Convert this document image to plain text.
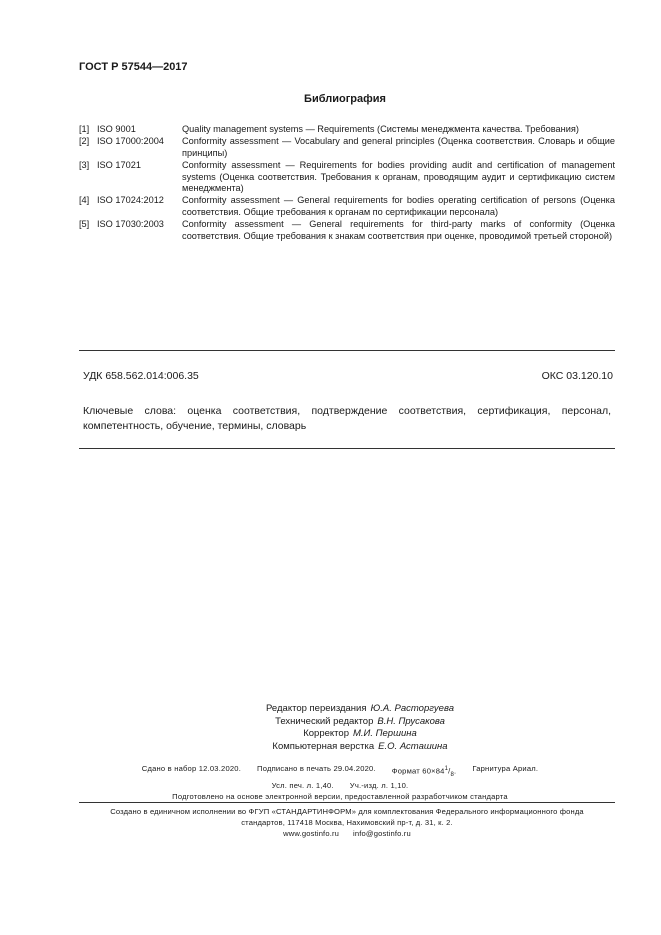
ГОСТ Р 57544—2017
Библиография
[1] ISO 9001	Quality management systems — Requirements (Системы менеджмента качества. Требования)
[2] ISO 17000:2004 Conformity assessment — Vocabulary and general principles (Оценка соответствия. Словарь и общие принципы)
[3] ISO 17021	Conformity assessment — Requirements for bodies providing audit and certification of management systems (Оценка соответствия. Требования к органам, проводящим аудит и сертификацию систем менеджмента)
[4] ISO 17024:2012 Conformity assessment — General requirements for bodies operating certification of persons (Оценка соответствия. Общие требования к органам по сертификации персонала)
[5] ISO 17030:2003 Conformity assessment — General requirements for third-party marks of conformity (Оценка соответствия. Общие требования к знакам соответствия при оценке, проводимой третьей стороной)
УДК 658.562.014:006.35	ОКС 03.120.10
Ключевые слова: оценка соответствия, подтверждение соответствия, сертификация, персонал, компетентность, обучение, термины, словарь
Редактор переиздания Ю.А. Расторгуева
Технический редактор В.Н. Прусакова
Корректор М.И. Першина
Компьютерная верстка Е.О. Асташина
Сдано в набор 12.03.2020. Подписано в печать 29.04.2020. Формат $60\times 84^1/_8$. Гарнитура Ариал.
Усл. печ. л. 1,40. Уч.-изд. л. 1,10.
Подготовлено на основе электронной версии, предоставленной разработчиком стандарта
Создано в единичном исполнении во ФГУП «СТАНДАРТИНФОРМ» для комплектования Федерального информационного фонда
стандартов, 117418 Москва, Нахимовский пр-т, д. 31, к. 2.
www.gostinfo.ru info@gostinfo.ru
